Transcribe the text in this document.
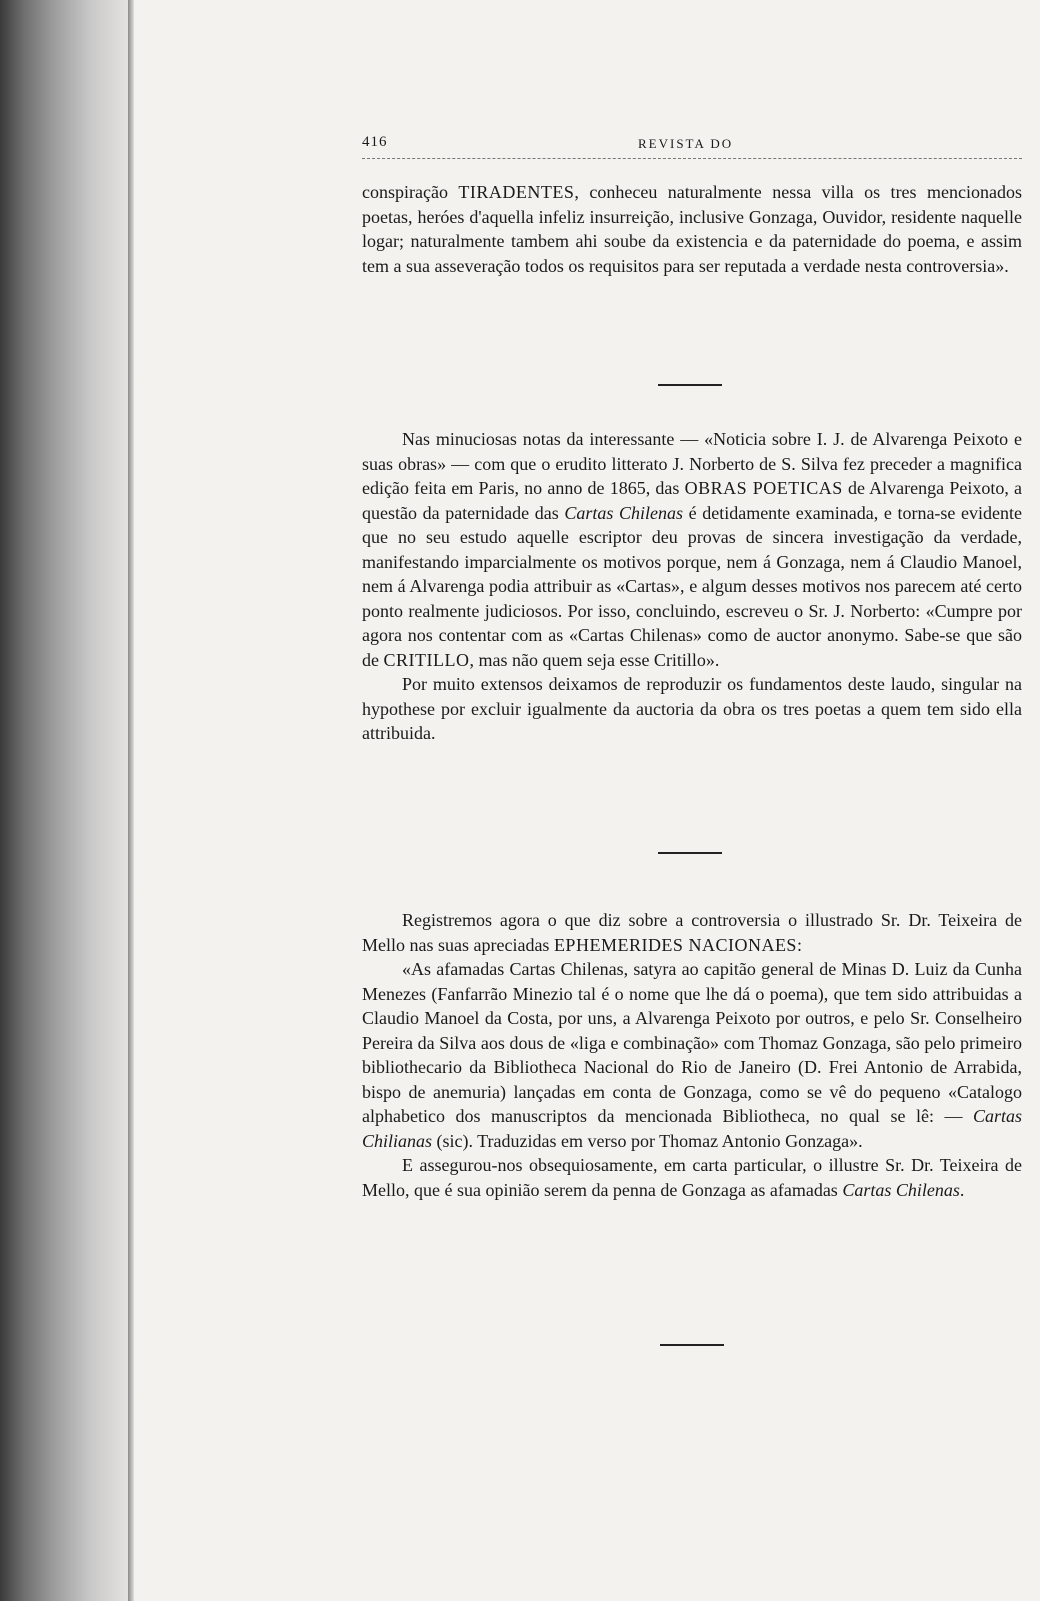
416	REVISTA DO

conspiração TIRADENTES, conheceu naturalmente nessa villa os tres mencionados poetas, heróes d'aquella infeliz insurreição, inclusive Gonzaga, Ouvidor, residente naquelle logar; naturalmente tambem ahi soube da existencia e da paternidade do poema, e assim tem a sua asseveração todos os requisitos para ser reputada a verdade nesta controversia».

Nas minuciosas notas da interessante — «Noticia sobre I. J. de Alvarenga Peixoto e suas obras» — com que o erudito litterato J. Norberto de S. Silva fez preceder a magnifica edição feita em Paris, no anno de 1865, das OBRAS POETICAS de Alvarenga Peixoto, a questão da paternidade das Cartas Chilenas é detidamente examinada, e torna-se evidente que no seu estudo aquelle escriptor deu provas de sincera investigação da verdade, manifestando imparcialmente os motivos porque, nem á Gonzaga, nem á Claudio Manoel, nem á Alvarenga podia attribuir as «Cartas», e algum desses motivos nos parecem até certo ponto realmente judiciosos. Por isso, concluindo, escreveu o Sr. J. Norberto: «Cumpre por agora nos contentar com as «Cartas Chilenas» como de auctor anonymo. Sabe-se que são de CRITILLO, mas não quem seja esse Critillo».

Por muito extensos deixamos de reproduzir os fundamentos deste laudo, singular na hypothese por excluir igualmente da auctoria da obra os tres poetas a quem tem sido ella attribuida.

Registremos agora o que diz sobre a controversia o illustrado Sr. Dr. Teixeira de Mello nas suas apreciadas EPHEMERIDES NACIONAES:

«As afamadas Cartas Chilenas, satyra ao capitão general de Minas D. Luiz da Cunha Menezes (Fanfarrão Minezio tal é o nome que lhe dá o poema), que tem sido attribuidas a Claudio Manoel da Costa, por uns, a Alvarenga Peixoto por outros, e pelo Sr. Conselheiro Pereira da Silva aos dous de «liga e combinação» com Thomaz Gonzaga, são pelo primeiro bibliothecario da Bibliotheca Nacional do Rio de Janeiro (D. Frei Antonio de Arrabida, bispo de anemuria) lançadas em conta de Gonzaga, como se vê do pequeno «Catalogo alphabetico dos manuscriptos da mencionada Bibliotheca, no qual se lê: — Cartas Chilianas (sic). Traduzidas em verso por Thomaz Antonio Gonzaga».

E assegurou-nos obsequiosamente, em carta particular, o illustre Sr. Dr. Teixeira de Mello, que é sua opinião serem da penna de Gonzaga as afamadas Cartas Chilenas.
